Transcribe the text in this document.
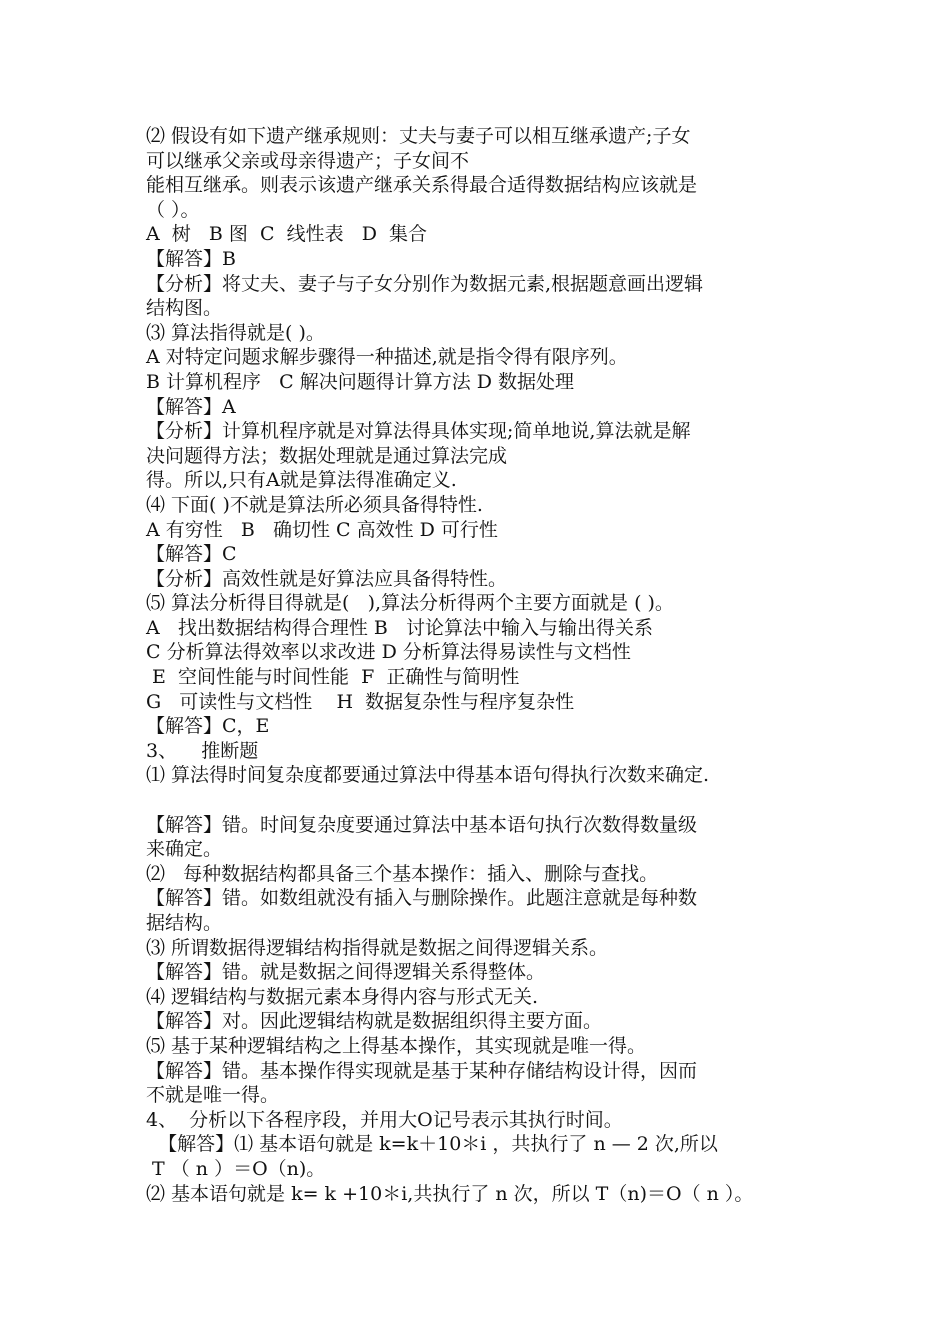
⑵ 假设有如下遗产继承规则：丈夫与妻子可以相互继承遗产;子女
可以继承父亲或母亲得遗产；子女间不
能相互继承。则表示该遗产继承关系得最合适得数据结构应该就是
（ ）。
A  树   B 图  C  线性表   D  集合
【解答】B
【分析】将丈夫、妻子与子女分别作为数据元素,根据题意画出逻辑
结构图。
⑶ 算法指得就是( )。
A 对特定问题求解步骤得一种描述,就是指令得有限序列。
B 计算机程序   C 解决问题得计算方法 D 数据处理
【解答】A
【分析】计算机程序就是对算法得具体实现;简单地说,算法就是解
决问题得方法；数据处理就是通过算法完成
得。所以,只有A就是算法得准确定义.
⑷ 下面( )不就是算法所必须具备得特性.
A 有穷性   B   确切性 C 高效性 D 可行性
【解答】C
【分析】高效性就是好算法应具备得特性。
⑸ 算法分析得目得就是(   ),算法分析得两个主要方面就是 ( )。
A   找出数据结构得合理性 B   讨论算法中输入与输出得关系
C 分析算法得效率以求改进 D 分析算法得易读性与文档性
E  空间性能与时间性能  F  正确性与简明性
G   可读性与文档性    H  数据复杂性与程序复杂性
【解答】C，E
3、    推断题
⑴ 算法得时间复杂度都要通过算法中得基本语句得执行次数来确定.
【解答】错。时间复杂度要通过算法中基本语句执行次数得数量级
来确定。
⑵   每种数据结构都具备三个基本操作：插入、删除与查找。
【解答】错。如数组就没有插入与删除操作。此题注意就是每种数
据结构。
⑶ 所谓数据得逻辑结构指得就是数据之间得逻辑关系。
【解答】错。就是数据之间得逻辑关系得整体。
⑷ 逻辑结构与数据元素本身得内容与形式无关.
【解答】对。因此逻辑结构就是数据组织得主要方面。
⑸ 基于某种逻辑结构之上得基本操作，其实现就是唯一得。
【解答】错。基本操作得实现就是基于某种存储结构设计得，因而
不就是唯一得。
4、  分析以下各程序段，并用大O记号表示其执行时间。
【解答】⑴ 基本语句就是 k=k＋10＊i ，共执行了 n — 2 次,所以
T （ n ）＝O（n)。
⑵ 基本语句就是 k= k +10＊i,共执行了 n 次，所以 T（n)＝O（ n ）。
